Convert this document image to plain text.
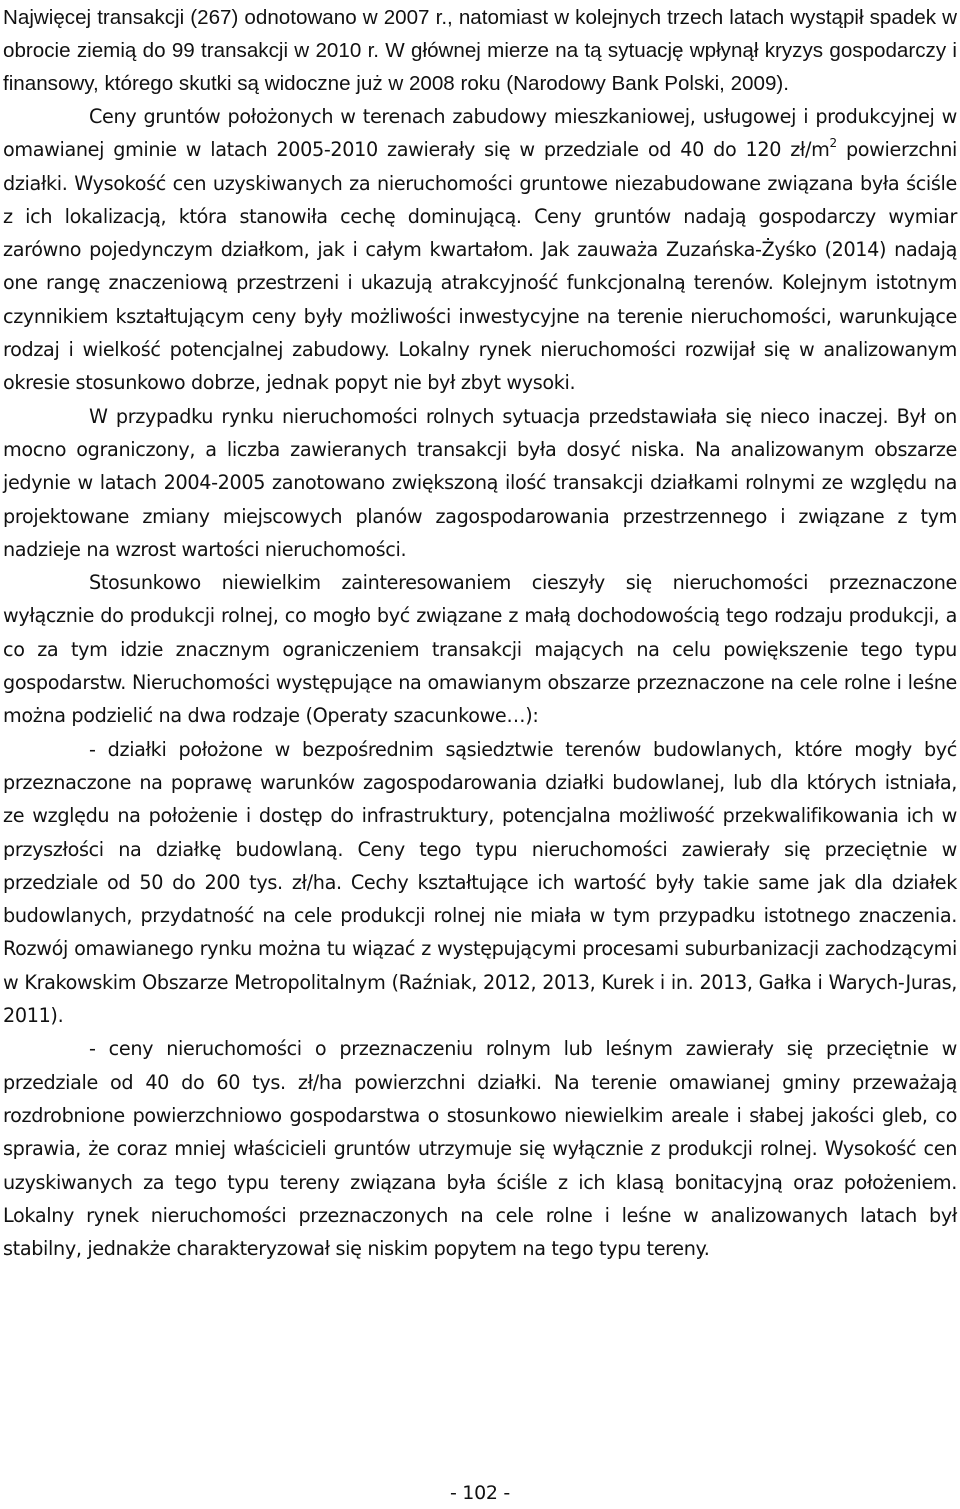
Najwięcej transakcji (267) odnotowano w 2007 r., natomiast w kolejnych trzech latach wystąpił spadek w obrocie ziemią do 99 transakcji w 2010 r. W głównej mierze na tą sytuację wpłynął kryzys gospodarczy i finansowy, którego skutki są widoczne już w 2008 roku (Narodowy Bank Polski, 2009).

Ceny gruntów położonych w terenach zabudowy mieszkaniowej, usługowej i produkcyjnej w omawianej gminie w latach 2005-2010 zawierały się w przedziale od 40 do 120 $zł/m^2$ powierzchni działki. Wysokość cen uzyskiwanych za nieruchomości gruntowe niezabudowane związana była ściśle z ich lokalizacją, która stanowiła cechę dominującą. Ceny gruntów nadają gospodarczy wymiar zarówno pojedynczym działkom, jak i całym kwartałom. Jak zauważa Zuzańska-Żyśko (2014) nadają one rangę znaczeniową przestrzeni i ukazują atrakcyjność funkcjonalną terenów. Kolejnym istotnym czynnikiem kształtującym ceny były możliwości inwestycyjne na terenie nieruchomości, warunkujące rodzaj i wielkość potencjalnej zabudowy. Lokalny rynek nieruchomości rozwijał się w analizowanym okresie stosunkowo dobrze, jednak popyt nie był zbyt wysoki.

W przypadku rynku nieruchomości rolnych sytuacja przedstawiała się nieco inaczej. Był on mocno ograniczony, a liczba zawieranych transakcji była dosyć niska. Na analizowanym obszarze jedynie w latach 2004-2005 zanotowano zwiększoną ilość transakcji działkami rolnymi ze względu na projektowane zmiany miejscowych planów zagospodarowania przestrzennego i związane z tym nadzieje na wzrost wartości nieruchomości.

Stosunkowo niewielkim zainteresowaniem cieszyły się nieruchomości przeznaczone wyłącznie do produkcji rolnej, co mogło być związane z małą dochodowością tego rodzaju produkcji, a co za tym idzie znacznym ograniczeniem transakcji mających na celu powiększenie tego typu gospodarstw. Nieruchomości występujące na omawianym obszarze przeznaczone na cele rolne i leśne można podzielić na dwa rodzaje (Operaty szacunkowe…):

- działki położone w bezpośrednim sąsiedztwie terenów budowlanych, które mogły być przeznaczone na poprawę warunków zagospodarowania działki budowlanej, lub dla których istniała, ze względu na położenie i dostęp do infrastruktury, potencjalna możliwość przekwalifikowania ich w przyszłości na działkę budowlaną. Ceny tego typu nieruchomości zawierały się przeciętnie w przedziale od 50 do 200 tys. zł/ha. Cechy kształtujące ich wartość były takie same jak dla działek budowlanych, przydatność na cele produkcji rolnej nie miała w tym przypadku istotnego znaczenia. Rozwój omawianego rynku można tu wiązać z występującymi procesami suburbanizacji zachodzącymi w Krakowskim Obszarze Metropolitalnym (Raźniak, 2012, 2013, Kurek i in. 2013, Gałka i Warych-Juras, 2011).

- ceny nieruchomości o przeznaczeniu rolnym lub leśnym zawierały się przeciętnie w przedziale od 40 do 60 tys. zł/ha powierzchni działki. Na terenie omawianej gminy przeważają rozdrobnione powierzchniowo gospodarstwa o stosunkowo niewielkim areale i słabej jakości gleb, co sprawia, że coraz mniej właścicieli gruntów utrzymuje się wyłącznie z produkcji rolnej. Wysokość cen uzyskiwanych za tego typu tereny związana była ściśle z ich klasą bonitacyjną oraz położeniem. Lokalny rynek nieruchomości przeznaczonych na cele rolne i leśne w analizowanych latach był stabilny, jednakże charakteryzował się niskim popytem na tego typu tereny.

- 102 -
